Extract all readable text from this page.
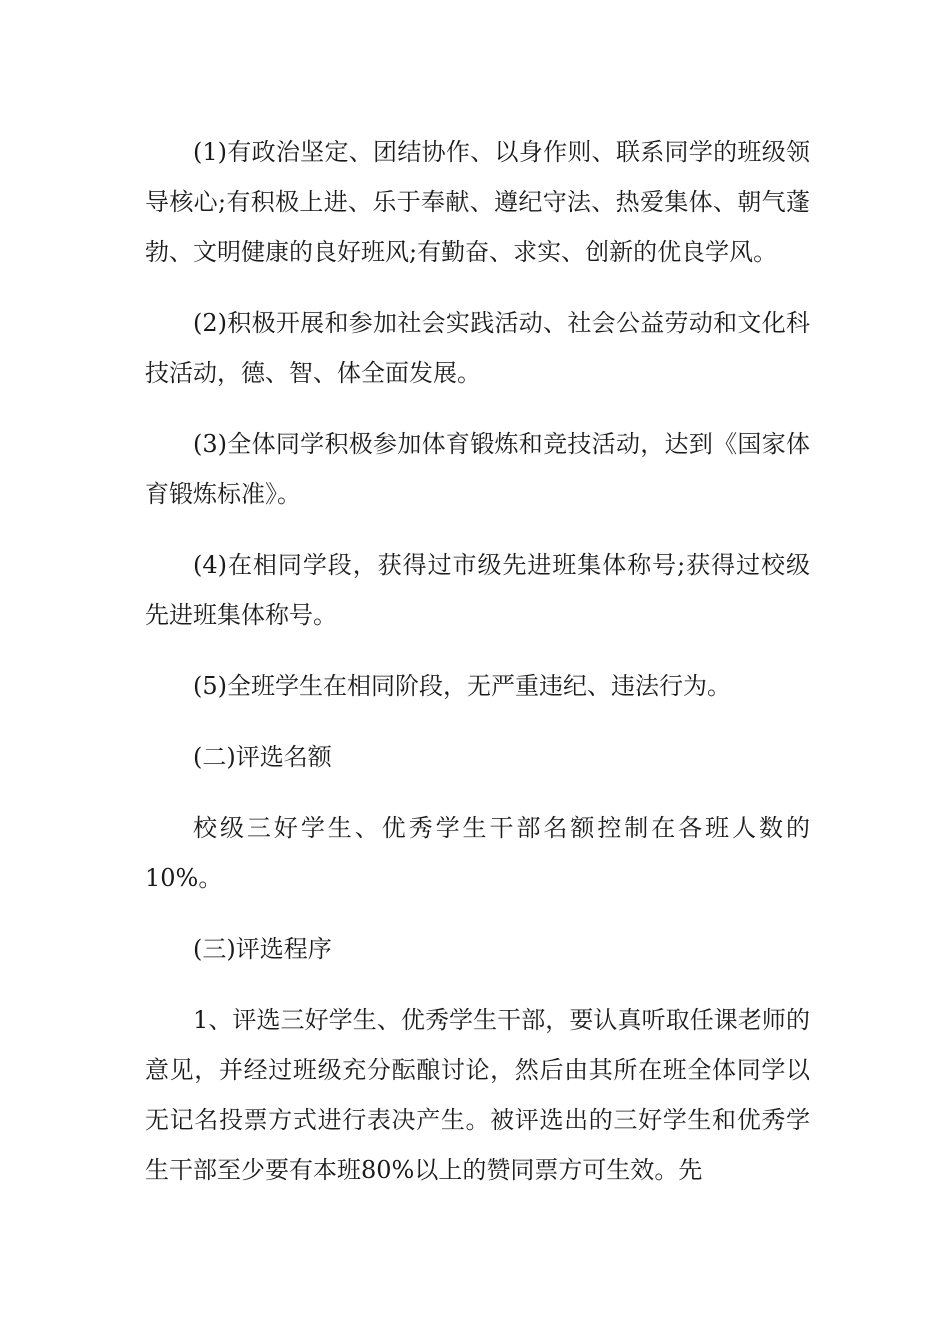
(1)有政治坚定、团结协作、以身作则、联系同学的班级领导核心;有积极上进、乐于奉献、遵纪守法、热爱集体、朝气蓬勃、文明健康的良好班风;有勤奋、求实、创新的优良学风。

(2)积极开展和参加社会实践活动、社会公益劳动和文化科技活动，德、智、体全面发展。

(3)全体同学积极参加体育锻炼和竞技活动，达到《国家体育锻炼标准》。

(4)在相同学段，获得过市级先进班集体称号;获得过校级先进班集体称号。

(5)全班学生在相同阶段，无严重违纪、违法行为。

(二)评选名额

校级三好学生、优秀学生干部名额控制在各班人数的10%。

(三)评选程序

1、评选三好学生、优秀学生干部，要认真听取任课老师的意见，并经过班级充分酝酿讨论，然后由其所在班全体同学以无记名投票方式进行表决产生。被评选出的三好学生和优秀学生干部至少要有本班80%以上的赞同票方可生效。先
